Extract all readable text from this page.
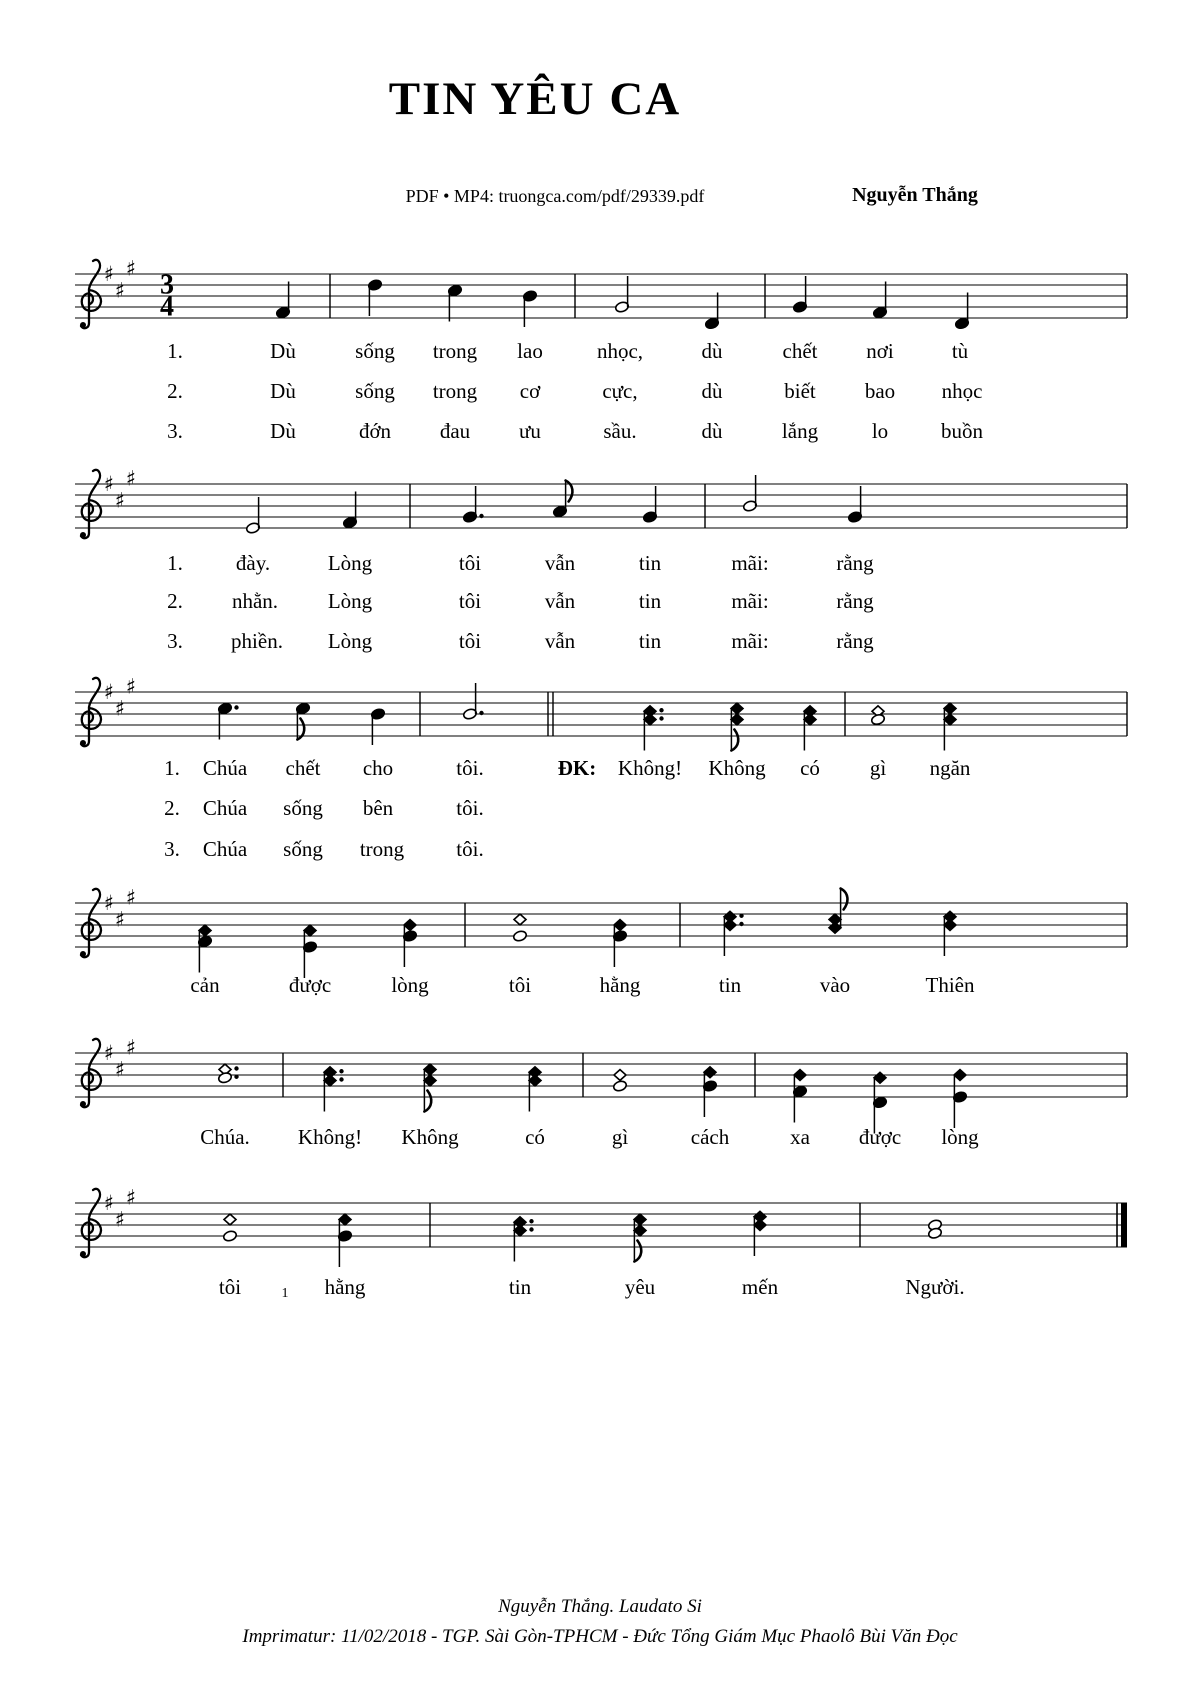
TIN YÊU CA
PDF • MP4: truongca.com/pdf/29339.pdf	Nguyễn Thắng
♯
♯
♯
3
4
1.	Dù	sống trong lao	nhọc,	dù	chết nơi	tù
2.	Dù	sống trong cơ	cực,	dù	biết bao nhọc
3.	Dù	đớn đau ưu	sầu.	dù	lắng	lo	buồn
♯
♯
♯
1.	đày.	Lòng	tôi	vẫn	tin	mãi:	rằng
2. nhằn. Lòng	tôi	vẫn	tin	mãi:	rằng
3. phiền. Lòng	tôi	vẫn	tin	mãi:	rằng
♯
♯
♯
1. Chúa chết cho	tôi.	ĐK: Không! Không có gì ngăn
2. Chúa sống bên	tôi.
3. Chúa sống trong tôi.
♯
♯
♯
cản	được	lòng	tôi	hằng	tin	vào	Thiên
♯
♯
♯
Chúa. Không! Không	có	gì	cách	xa được lòng
♯
♯
♯
tôi	1 hằng	tin	yêu	mến	Người.
Nguyễn Thắng. Laudato Si
Imprimatur: 11/02/2018 - TGP. Sài Gòn-TPHCM - Đức Tổng Giám Mục Phaolô Bùi Văn Đọc
